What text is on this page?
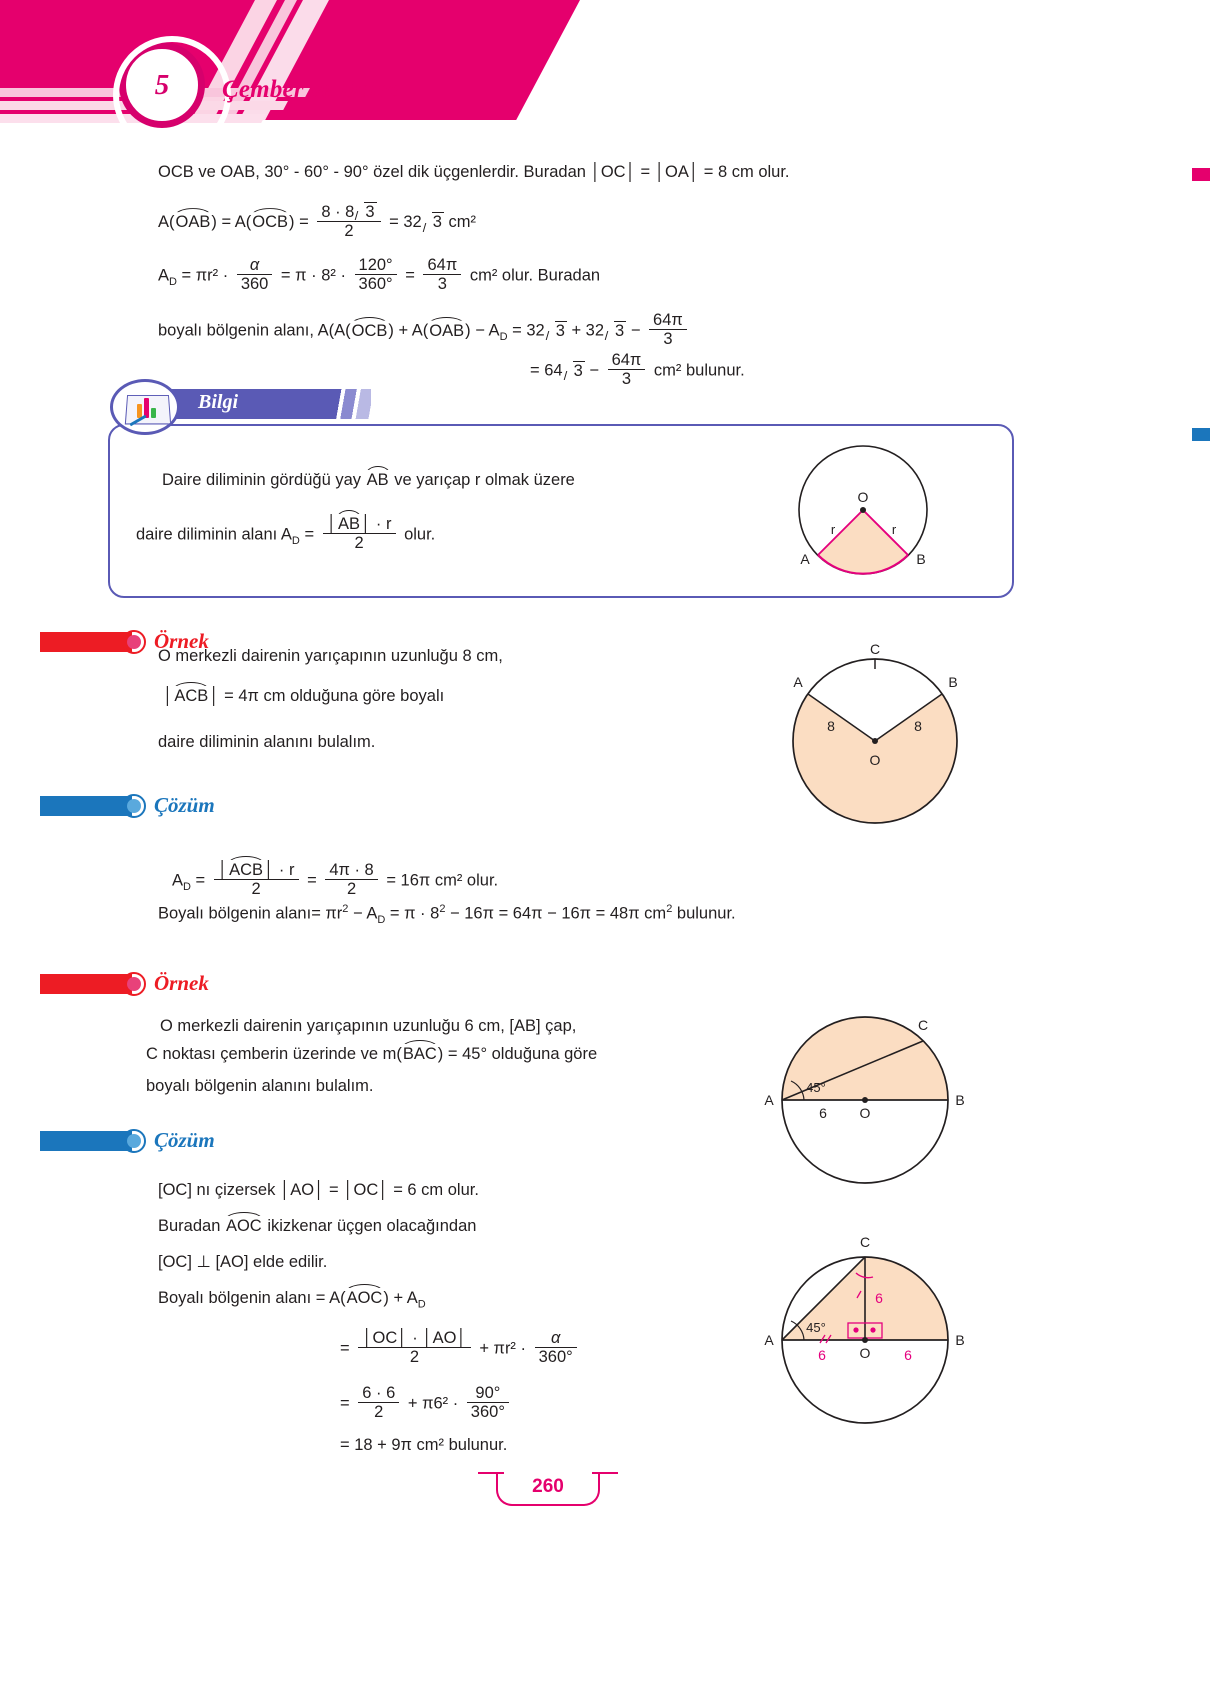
5	Çember ve Daire
OCB ve OAB, 30° - 60° - 90° özel dik üçgenlerdir. Buradan │OC│ = │OA│ = 8 cm olur.
$A(OAB) = A(OCB) = \frac{8 \cdot 8 3}{2} = 32$ 3 cm²
$A_D = \pi r^2 \cdot \frac{\alpha}{360} = \pi \cdot 8^2 \cdot \frac{120^\circ}{360^\circ} = \frac{64\pi}{3} cm^2$ olur. Buradan
boyalı bölgenin alanı, $A(A(OCB) + A(OAB) - A_D = 32$ 3 + 32 $3 - \frac{64\pi}{3}$
= 64 $3 - \frac{64\pi}{3} cm^2$ bulunur.
Bilgi
Daire diliminin gördüğü yay AB ve yarıçap r olmak üzere
daire diliminin alanı $A_D = \frac{│AB│ \cdot r}{2}$ olur.
O
r	r
A	B
Örnek
O merkezli dairenin yarıçapının uzunluğu 8 cm,
│ACB│ = 4π cm olduğuna göre boyalı
daire diliminin alanını bulalım.
A	B
C
O
8	8
Çözüm
$A_D = \frac{\text{│ACB│ · r}}{2} = \frac{4\pi \cdot 8}{2} = 16\pi$ cm² olur.
Boyalı bölgenin alanı= $\pi r^2 - A_D = \pi \cdot 8^2 - 16\pi = 64\pi - 16\pi = 48\pi$ $cm^2$ bulunur.
Örnek
O merkezli dairenin yarıçapının uzunluğu 6 cm, [AB] çap,
C noktası çemberin üzerinde ve m(BAC) = 45° olduğuna göre
boyalı bölgenin alanını bulalım.
A	B
C
O
45°
6
Çözüm
[OC] nı çizersek │AO│ = │OC│ = 6 cm olur.
Buradan AOC ikizkenar üçgen olacağından
[OC] ⊥ [AO] elde edilir.
Boyalı bölgenin alanı = $A(AOC) + A_D$
= $\frac{│OC│ \cdot │AO│}{2} + \pi r^2 \cdot \frac{\alpha}{360^\circ}$
= $\frac{6 \cdot 6}{2} + \pi 6^2 \cdot \frac{90^\circ}{360^\circ}$
= 18 + 9π cm² bulunur.
A	B
C
O
45°
6
6	6
260
